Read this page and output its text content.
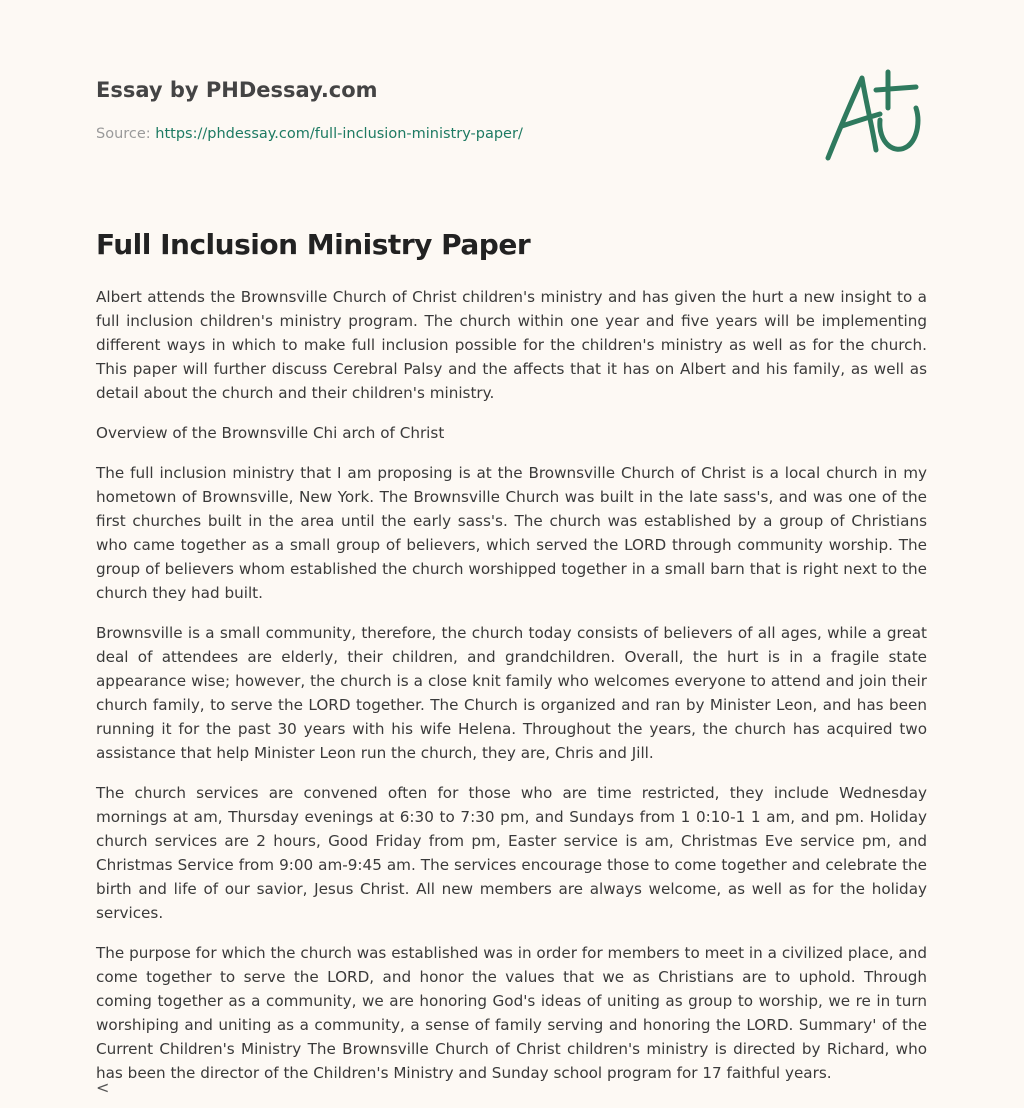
Essay by PHDessay.com
Source: https://phdessay.com/full-inclusion-ministry-paper/
Full Inclusion Ministry Paper

Albert attends the Brownsville Church of Christ children's ministry and has given the hurt a new insight to a full inclusion children's ministry program. The church within one year and five years will be implementing different ways in which to make full inclusion possible for the children's ministry as well as for the church. This paper will further discuss Cerebral Palsy and the affects that it has on Albert and his family, as well as detail about the church and their children's ministry.

Overview of the Brownsville Chi arch of Christ

The full inclusion ministry that I am proposing is at the Brownsville Church of Christ is a local church in my hometown of Brownsville, New York. The Brownsville Church was built in the late sass's, and was one of the first churches built in the area until the early sass's. The church was established by a group of Christians who came together as a small group of believers, which served the LORD through community worship. The group of believers whom established the church worshipped together in a small barn that is right next to the church they had built.

Brownsville is a small community, therefore, the church today consists of believers of all ages, while a great deal of attendees are elderly, their children, and grandchildren. Overall, the hurt is in a fragile state appearance wise; however, the church is a close knit family who welcomes everyone to attend and join their church family, to serve the LORD together. The Church is organized and ran by Minister Leon, and has been running it for the past 30 years with his wife Helena. Throughout the years, the church has acquired two assistance that help Minister Leon run the church, they are, Chris and Jill.

The church services are convened often for those who are time restricted, they include Wednesday mornings at am, Thursday evenings at 6:30 to 7:30 pm, and Sundays from 1 0:10-1 1 am, and pm. Holiday church services are 2 hours, Good Friday from pm, Easter service is am, Christmas Eve service pm, and Christmas Service from 9:00 am-9:45 am. The services encourage those to come together and celebrate the birth and life of our savior, Jesus Christ. All new members are always welcome, as well as for the holiday services.

The purpose for which the church was established was in order for members to meet in a civilized place, and come together to serve the LORD, and honor the values that we as Christians are to uphold. Through coming together as a community, we are honoring God's ideas of uniting as group to worship, we re in turn worshiping and uniting as a community, a sense of family serving and honoring the LORD. Summary' of the Current Children's Ministry The Brownsville Church of Christ children's ministry is directed by Richard, who has been the director of the Children's Ministry and Sunday school program for 17 faithful years.

<
